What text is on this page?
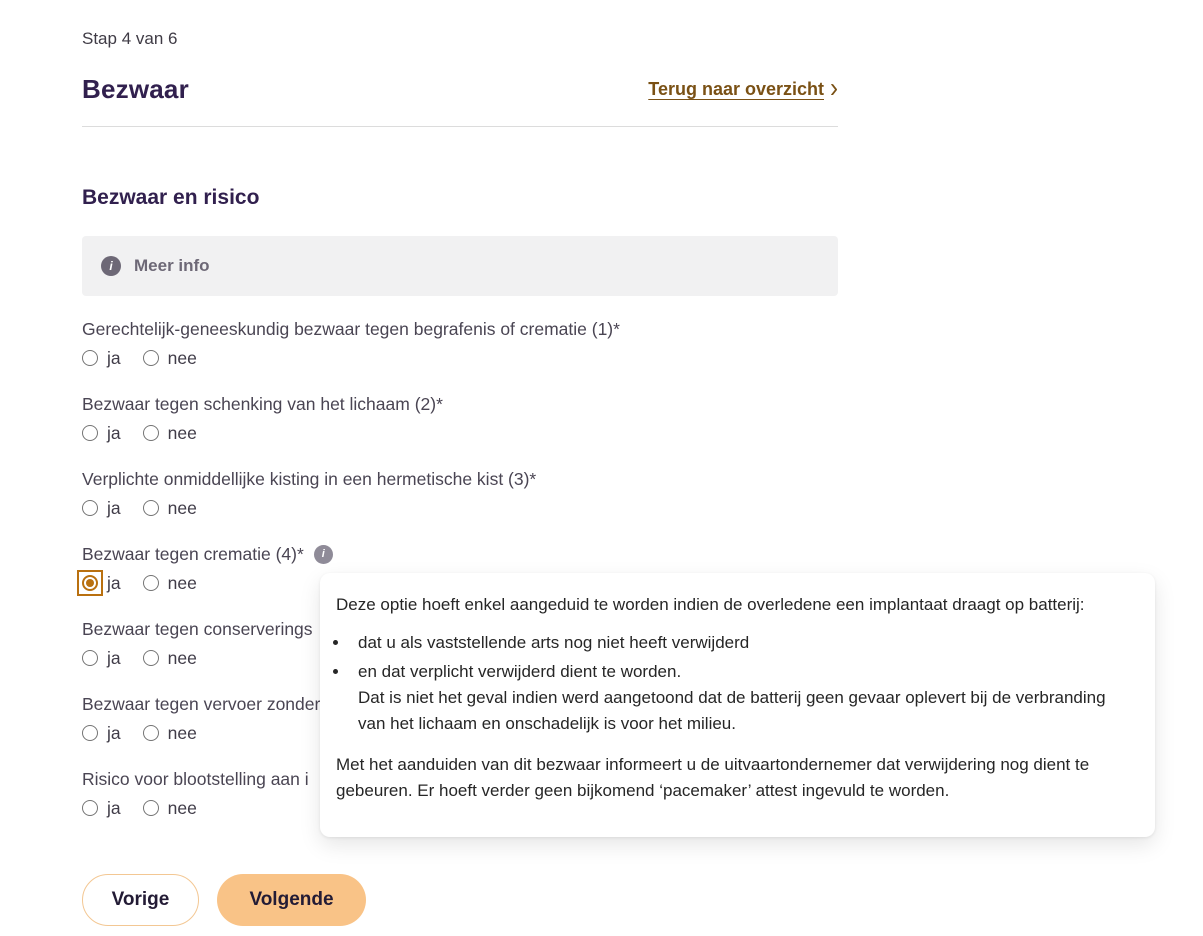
Stap 4 van 6
Bezwaar	Terug naar overzicht ›
Bezwaar en risico
i	Meer info
Gerechtelijk-geneeskundig bezwaar tegen begrafenis of crematie (1)*
ja	nee
Bezwaar tegen schenking van het lichaam (2)*
ja	nee
Verplichte onmiddellijke kisting in een hermetische kist (3)*
ja	nee
Bezwaar tegen crematie (4)*	i
ja	nee
Bezwaar tegen conserverings
ja	nee
Bezwaar tegen vervoer zonder
ja	nee
Risico voor blootstelling aan i
ja	nee
Vorige	Volgende

Deze optie hoeft enkel aangeduid te worden indien de overledene een implantaat draagt op batterij:

• dat u als vaststellende arts nog niet heeft verwijderd
• en dat verplicht verwijderd dient te worden.
Dat is niet het geval indien werd aangetoond dat de batterij geen gevaar oplevert bij de verbranding van het lichaam en onschadelijk is voor het milieu.

Met het aanduiden van dit bezwaar informeert u de uitvaartondernemer dat verwijdering nog dient te gebeuren. Er hoeft verder geen bijkomend ‘pacemaker’ attest ingevuld te worden.
